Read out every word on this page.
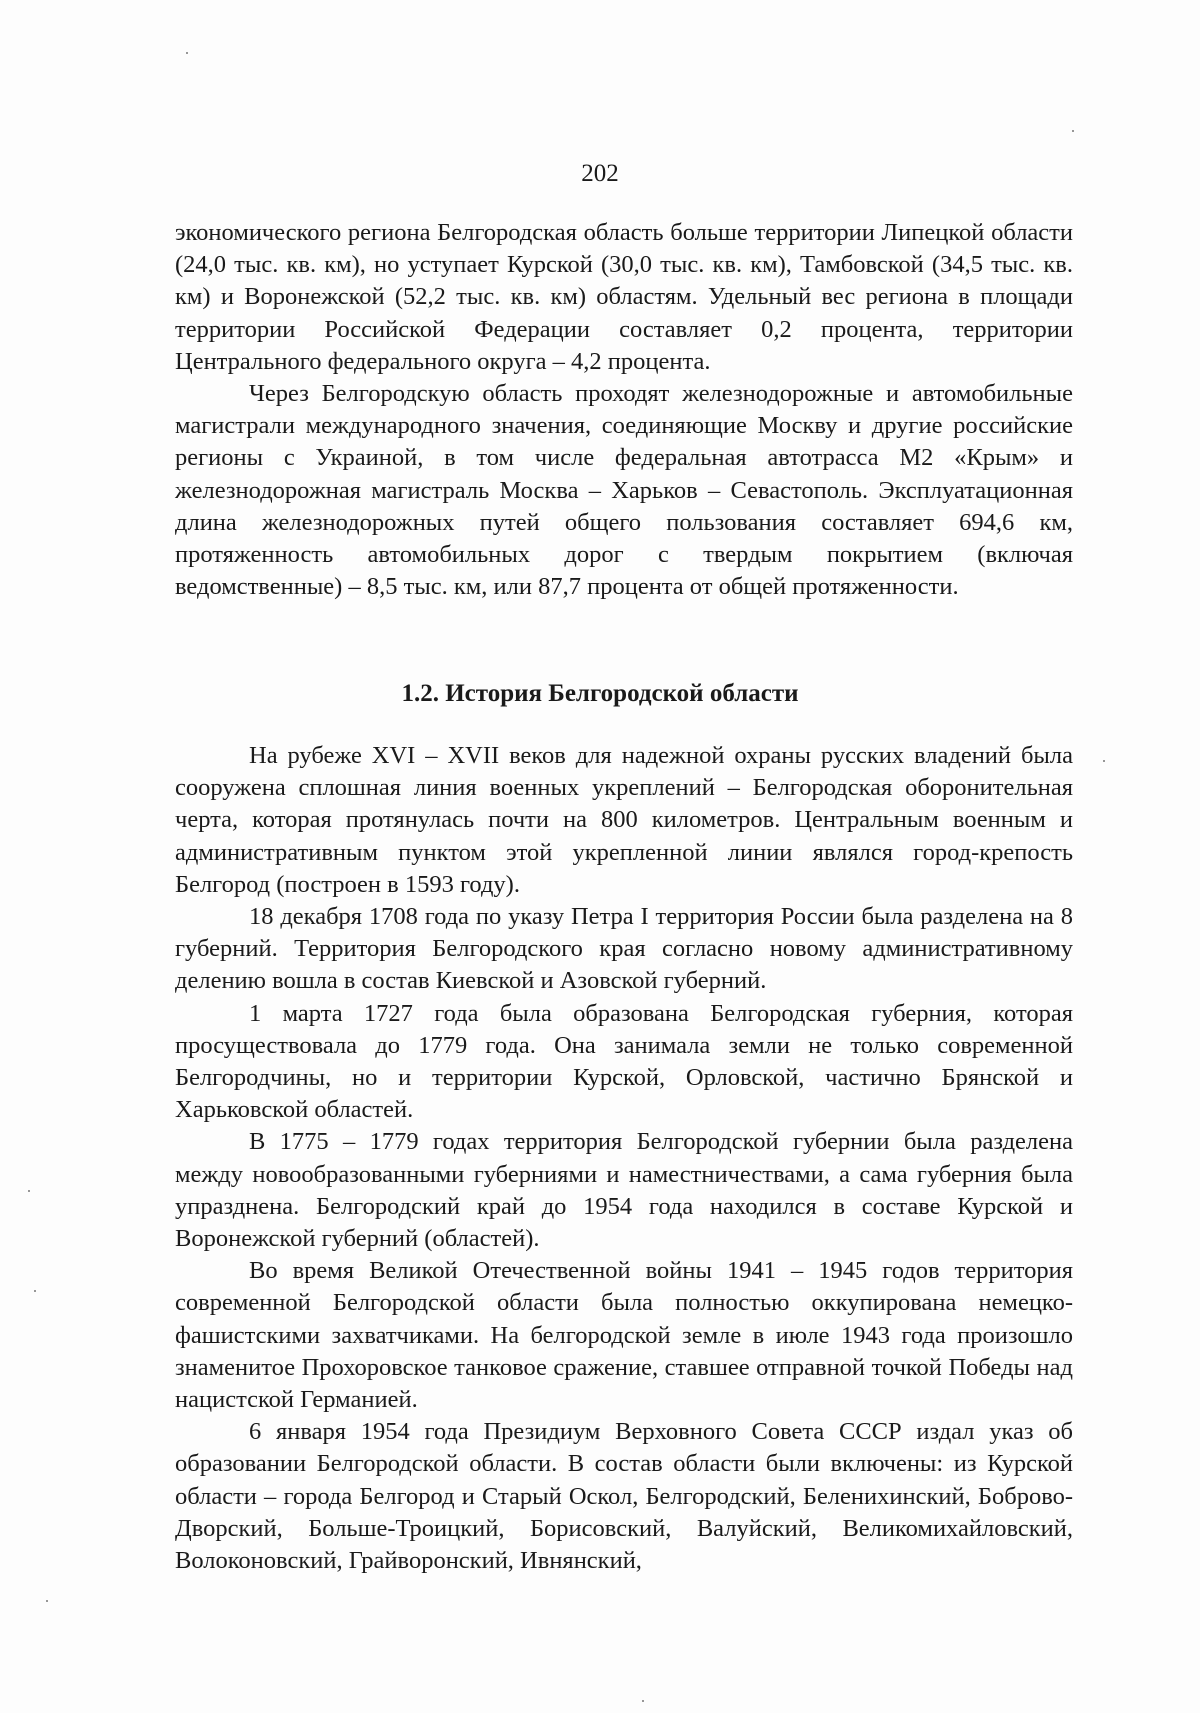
202

экономического региона Белгородская область больше территории Липецкой области (24,0 тыс. кв. км), но уступает Курской (30,0 тыс. кв. км), Тамбовской (34,5 тыс. кв. км) и Воронежской (52,2 тыс. кв. км) областям. Удельный вес региона в площади территории Российской Федерации составляет 0,2 процента, территории Центрального федерального округа – 4,2 процента.

Через Белгородскую область проходят железнодорожные и автомобильные магистрали международного значения, соединяющие Москву и другие российские регионы с Украиной, в том числе федеральная автотрасса М2 «Крым» и железнодорожная магистраль Москва – Харьков – Севастополь. Эксплуатационная длина железнодорожных путей общего пользования составляет 694,6 км, протяженность автомобильных дорог с твердым покрытием (включая ведомственные) – 8,5 тыс. км, или 87,7 процента от общей протяженности.

1.2. История Белгородской области

На рубеже XVI – XVII веков для надежной охраны русских владений была сооружена сплошная линия военных укреплений – Белгородская оборонительная черта, которая протянулась почти на 800 километров. Центральным военным и административным пунктом этой укрепленной линии являлся город-крепость Белгород (построен в 1593 году).

18 декабря 1708 года по указу Петра I территория России была разделена на 8 губерний. Территория Белгородского края согласно новому административному делению вошла в состав Киевской и Азовской губерний.

1 марта 1727 года была образована Белгородская губерния, которая просуществовала до 1779 года. Она занимала земли не только современной Белгородчины, но и территории Курской, Орловской, частично Брянской и Харьковской областей.

В 1775 – 1779 годах территория Белгородской губернии была разделена между новообразованными губерниями и наместничествами, а сама губерния была упразднена. Белгородский край до 1954 года находился в составе Курской и Воронежской губерний (областей).

Во время Великой Отечественной войны 1941 – 1945 годов территория современной Белгородской области была полностью оккупирована немецко-фашистскими захватчиками. На белгородской земле в июле 1943 года произошло знаменитое Прохоровское танковое сражение, ставшее отправной точкой Победы над нацистской Германией.

6 января 1954 года Президиум Верховного Совета СССР издал указ об образовании Белгородской области. В состав области были включены: из Курской области – города Белгород и Старый Оскол, Белгородский, Беленихинский, Боброво-Дворский, Больше-Троицкий, Борисовский, Валуйский, Великомихайловский, Волоконовский, Грайворонский, Ивнянский,
